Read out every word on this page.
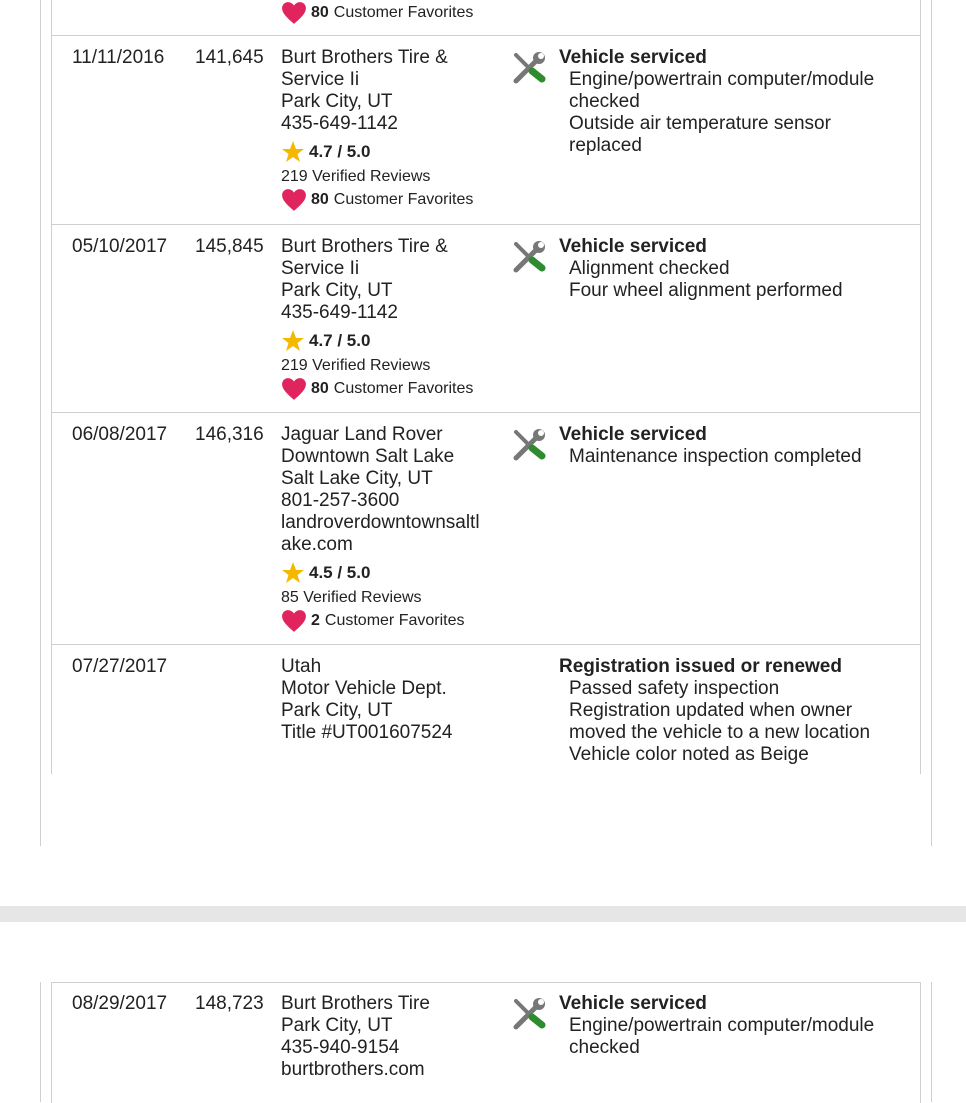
80 Customer Favorites
11/11/2016 141,645 Burt Brothers Tire &
Service Ii
Park City, UT
435-649-1142
4.7 / 5.0
219 Verified Reviews
80 Customer Favorites
Vehicle serviced
Engine/powertrain computer/module checked
Outside air temperature sensor replaced
05/10/2017 145,845 Burt Brothers Tire &
Service Ii
Park City, UT
435-649-1142
4.7 / 5.0
219 Verified Reviews
80 Customer Favorites
Vehicle serviced
Alignment checked
Four wheel alignment performed
06/08/2017 146,316 Jaguar Land Rover
Downtown Salt Lake
Salt Lake City, UT
801-257-3600
landroverdowntownsaltl
ake.com
4.5 / 5.0
85 Verified Reviews
2 Customer Favorites
Vehicle serviced
Maintenance inspection completed
07/27/2017	Utah
Motor Vehicle Dept.
Park City, UT
Title #UT001607524
Registration issued or renewed
Passed safety inspection
Registration updated when owner moved the vehicle to a new location
Vehicle color noted as Beige
08/29/2017 148,723 Burt Brothers Tire
Park City, UT
435-940-9154
burtbrothers.com
Vehicle serviced
Engine/powertrain computer/module checked
